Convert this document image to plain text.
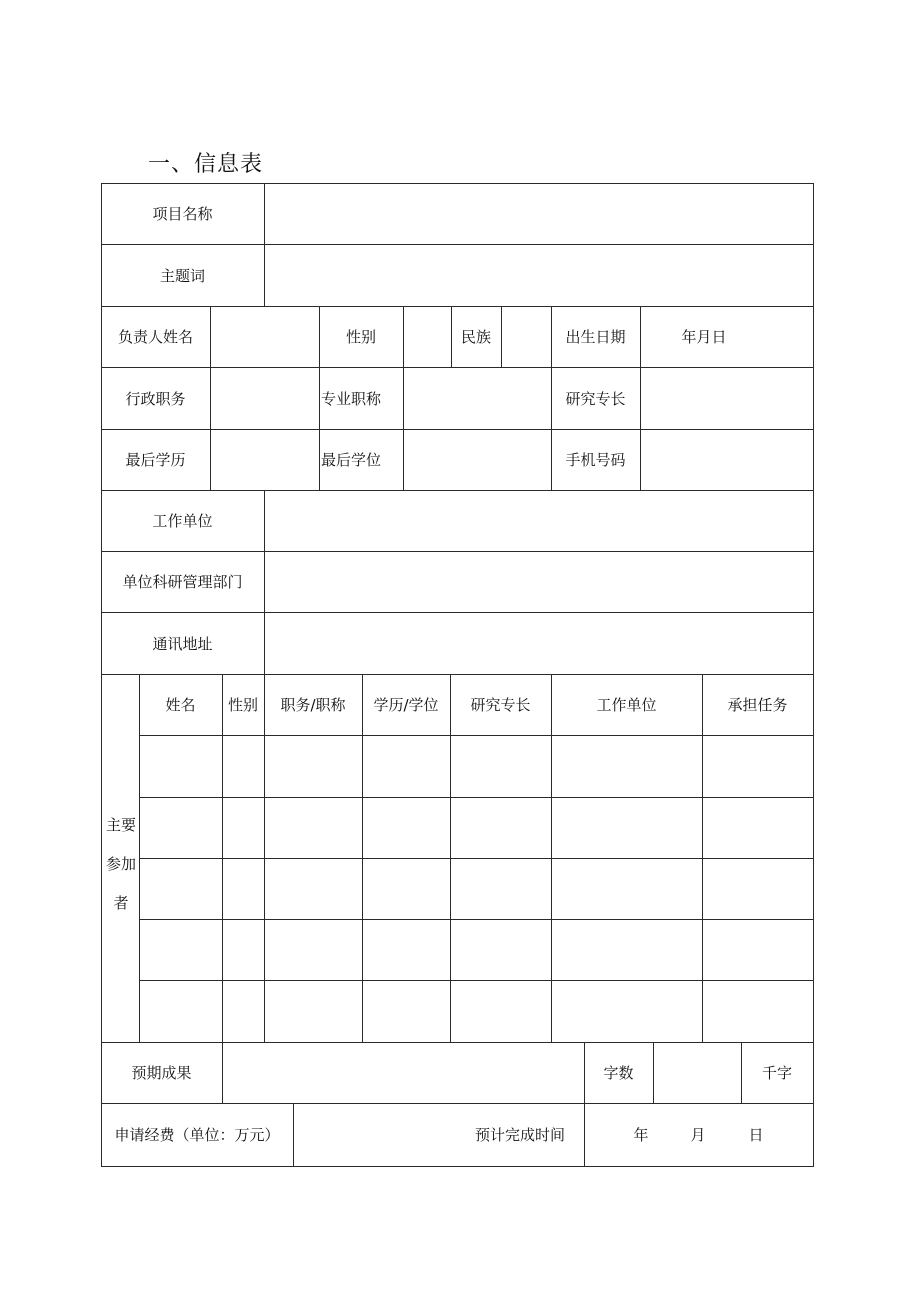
一、信息表
项目名称
主题词
负责人姓名	性别	民族	出生日期	年月日
行政职务	专业职称	研究专长
最后学历	最后学位	手机号码
工作单位
单位科研管理部门
通讯地址
主要
参加
者
姓名	性别	职务/职称	学历/学位	研究专长	工作单位	承担任务
预期成果	字数	千字
申请经费（单位：万元）	预计完成时间	年	月	日
